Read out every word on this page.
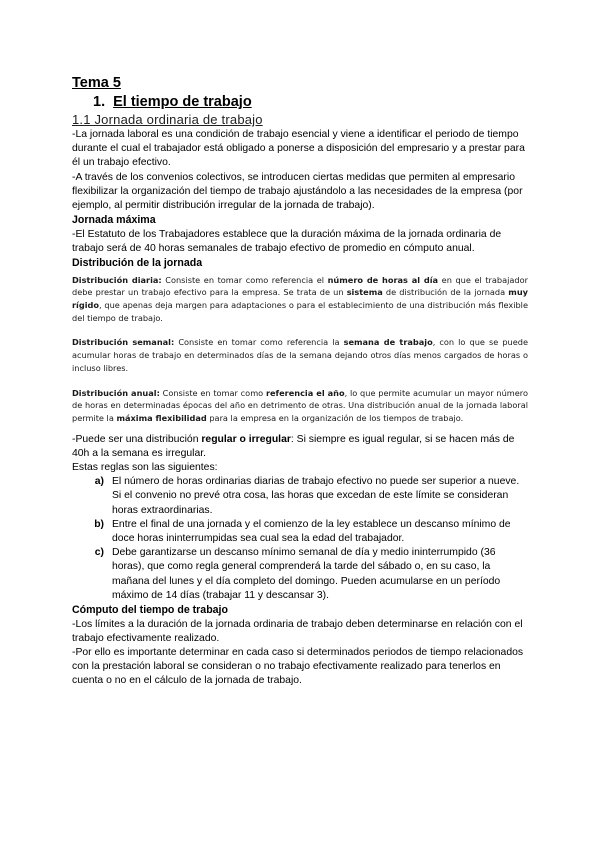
Tema 5

1. El tiempo de trabajo

1.1 Jornada ordinaria de trabajo

-La jornada laboral es una condición de trabajo esencial y viene a identificar el periodo de tiempo durante el cual el trabajador está obligado a ponerse a disposición del empresario y a prestar para él un trabajo efectivo.

-A través de los convenios colectivos, se introducen ciertas medidas que permiten al empresario flexibilizar la organización del tiempo de trabajo ajustándolo a las necesidades de la empresa (por ejemplo, al permitir distribución irregular de la jornada de trabajo).

Jornada máxima

-El Estatuto de los Trabajadores establece que la duración máxima de la jornada ordinaria de trabajo será de 40 horas semanales de trabajo efectivo de promedio en cómputo anual.

Distribución de la jornada

Distribución diaria: Consiste en tomar como referencia el número de horas al día en que el trabajador debe prestar un trabajo efectivo para la empresa. Se trata de un sistema de distribución de la jornada muy rígido, que apenas deja margen para adaptaciones o para el establecimiento de una distribución más flexible del tiempo de trabajo.

Distribución semanal: Consiste en tomar como referencia la semana de trabajo, con lo que se puede acumular horas de trabajo en determinados días de la semana dejando otros días menos cargados de horas o incluso libres.

Distribución anual: Consiste en tomar como referencia el año, lo que permite acumular un mayor número de horas en determinadas épocas del año en detrimento de otras. Una distribución anual de la jornada laboral permite la máxima flexibilidad para la empresa en la organización de los tiempos de trabajo.

-Puede ser una distribución regular o irregular: Si siempre es igual regular, si se hacen más de 40h a la semana es irregular.

Estas reglas son las siguientes:

a) El número de horas ordinarias diarias de trabajo efectivo no puede ser superior a nueve. Si el convenio no prevé otra cosa, las horas que excedan de este límite se consideran horas extraordinarias.
b) Entre el final de una jornada y el comienzo de la ley establece un descanso mínimo de doce horas ininterrumpidas sea cual sea la edad del trabajador.
c) Debe garantizarse un descanso mínimo semanal de día y medio ininterrumpido (36 horas), que como regla general comprenderá la tarde del sábado o, en su caso, la mañana del lunes y el día completo del domingo. Pueden acumularse en un período máximo de 14 días (trabajar 11 y descansar 3).

Cómputo del tiempo de trabajo

-Los límites a la duración de la jornada ordinaria de trabajo deben determinarse en relación con el trabajo efectivamente realizado.

-Por ello es importante determinar en cada caso si determinados periodos de tiempo relacionados con la prestación laboral se consideran o no trabajo efectivamente realizado para tenerlos en cuenta o no en el cálculo de la jornada de trabajo.
